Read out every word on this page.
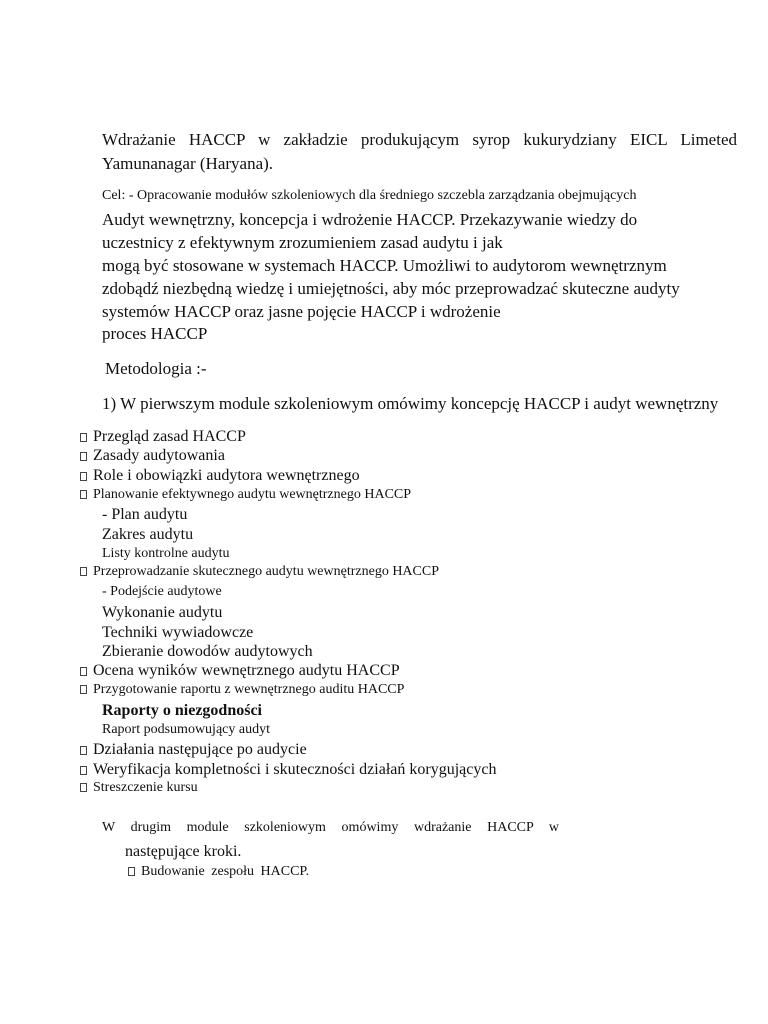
Wdrażanie HACCP w zakładzie produkującym syrop kukurydziany EICL Limeted
Yamunanagar (Haryana).
Cel: - Opracowanie modułów szkoleniowych dla średniego szczebla zarządzania obejmujących
Audyt wewnętrzny, koncepcja i wdrożenie HACCP. Przekazywanie wiedzy do
uczestnicy z efektywnym zrozumieniem zasad audytu i jak
mogą być stosowane w systemach HACCP. Umożliwi to audytorom wewnętrznym
zdobądź niezbędną wiedzę i umiejętności, aby móc przeprowadzać skuteczne audyty
systemów HACCP oraz jasne pojęcie HACCP i wdrożenie
proces HACCP
Metodologia :-
1) W pierwszym module szkoleniowym omówimy koncepcję HACCP i audyt wewnętrzny
Przegląd zasad HACCP
Zasady audytowania
Role i obowiązki audytora wewnętrznego
Planowanie efektywnego audytu wewnętrznego HACCP
- Plan audytu
Zakres audytu
Listy kontrolne audytu
Przeprowadzanie skutecznego audytu wewnętrznego HACCP
- Podejście audytowe
Wykonanie audytu
Techniki wywiadowcze
Zbieranie dowodów audytowych
Ocena wyników wewnętrznego audytu HACCP
Przygotowanie raportu z wewnętrznego auditu HACCP
Raporty o niezgodności
Raport podsumowujący audyt
Działania następujące po audycie
Weryfikacja kompletności i skuteczności działań korygujących
Streszczenie kursu
W drugim module szkoleniowym omówimy wdrażanie HACCP w
następujące kroki.
Budowanie zespołu HACCP.
